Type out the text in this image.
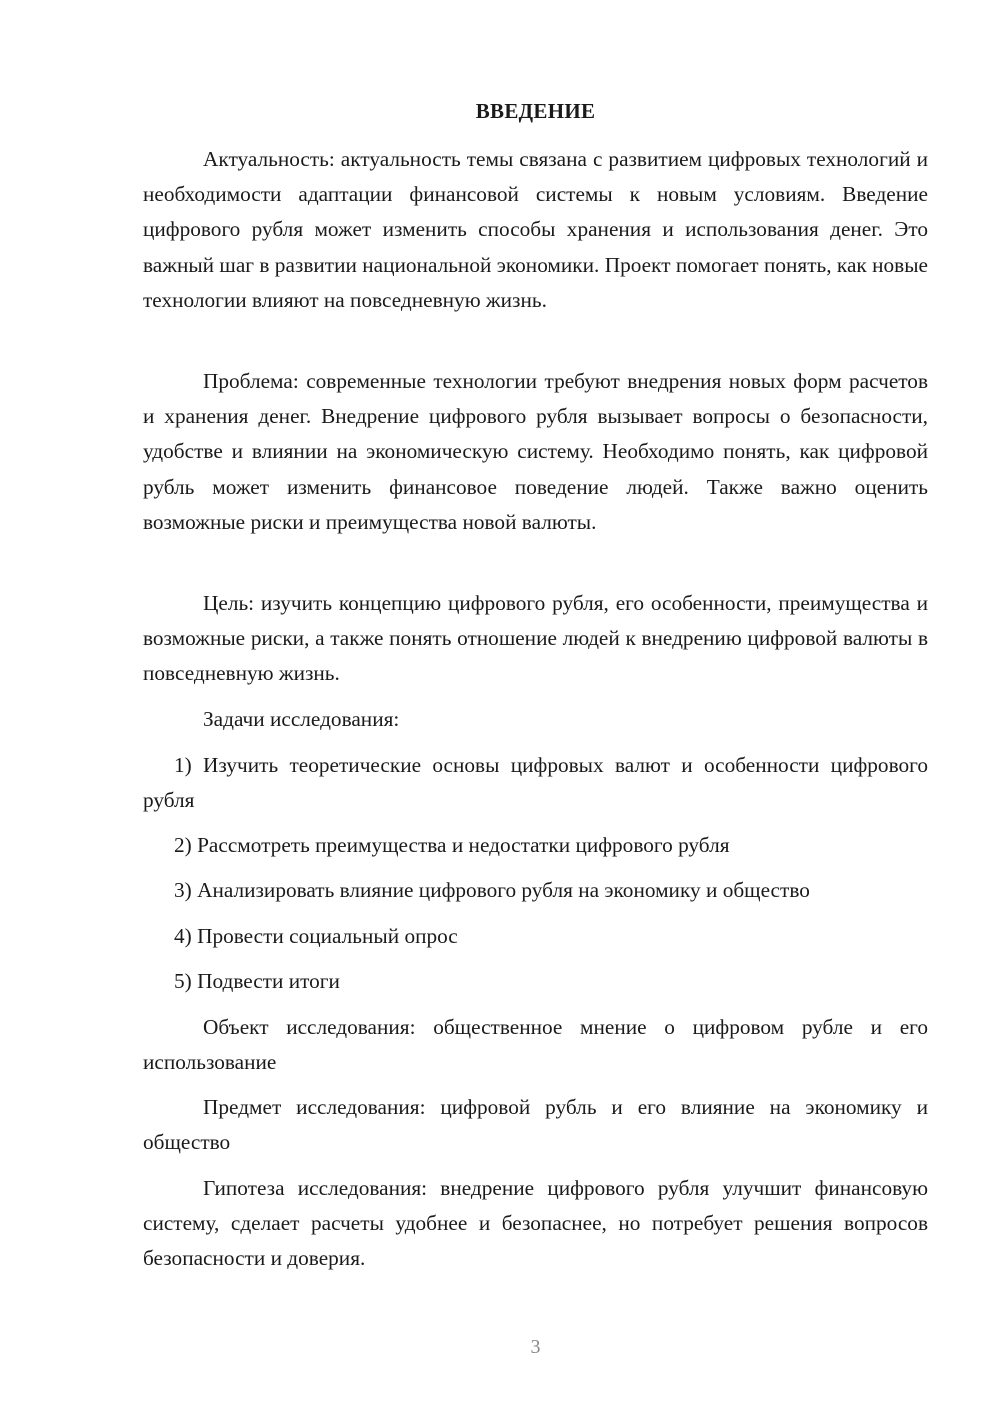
ВВЕДЕНИЕ

Актуальность: актуальность темы связана с развитием цифровых технологий и необходимости адаптации финансовой системы к новым условиям. Введение цифрового рубля может изменить способы хранения и использования денег. Это важный шаг в развитии национальной экономики. Проект помогает понять, как новые технологии влияют на повседневную жизнь.

Проблема: современные технологии требуют внедрения новых форм расчетов и хранения денег. Внедрение цифрового рубля вызывает вопросы о безопасности, удобстве и влиянии на экономическую систему. Необходимо понять, как цифровой рубль может изменить финансовое поведение людей. Также важно оценить возможные риски и преимущества новой валюты.

Цель: изучить концепцию цифрового рубля, его особенности, преимущества и возможные риски, а также понять отношение людей к внедрению цифровой валюты в повседневную жизнь.

Задачи исследования:

1) Изучить теоретические основы цифровых валют и особенности цифрового рубля

2) Рассмотреть преимущества и недостатки цифрового рубля

3) Анализировать влияние цифрового рубля на экономику и общество

4) Провести социальный опрос

5) Подвести итоги

Объект исследования: общественное мнение о цифровом рубле и его использование

Предмет исследования: цифровой рубль и его влияние на экономику и общество

Гипотеза исследования: внедрение цифрового рубля улучшит финансовую систему, сделает расчеты удобнее и безопаснее, но потребует решения вопросов безопасности и доверия.

3
